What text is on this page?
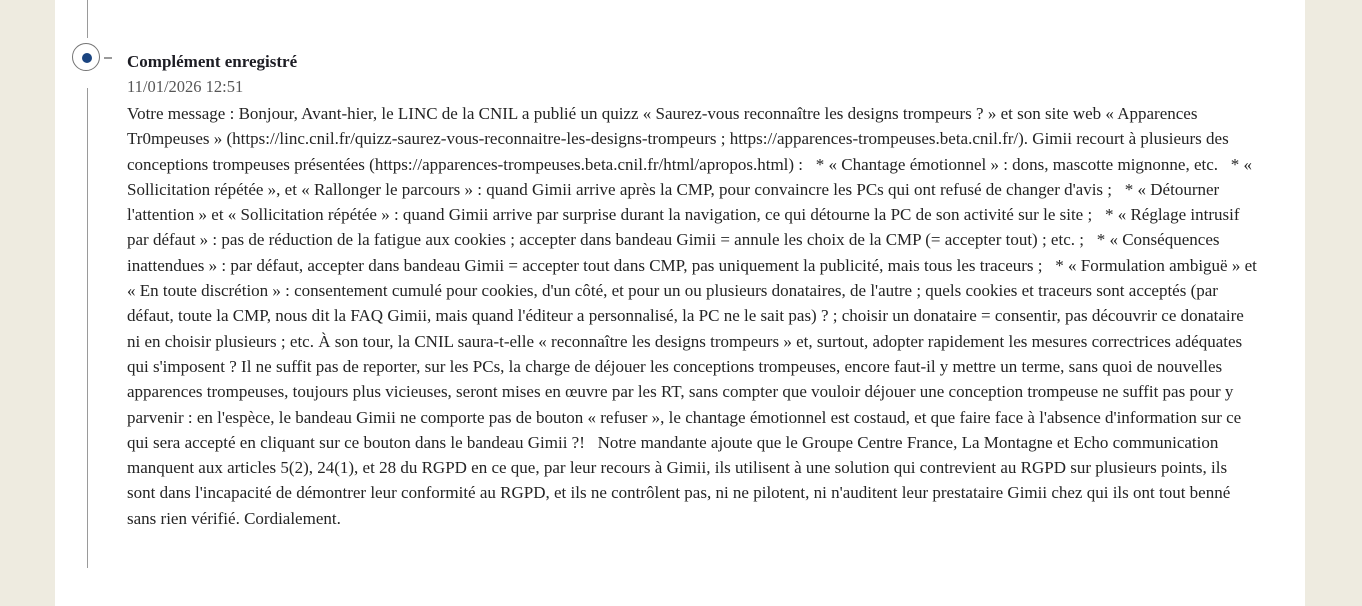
Complément enregistré
11/01/2026 12:51

Votre message : Bonjour, Avant-hier, le LINC de la CNIL a publié un quizz « Saurez-vous reconnaître les designs trompeurs ? » et son site web « Apparences Tr0mpeuses » (https://linc.cnil.fr/quizz-saurez-vous-reconnaitre-les-designs-trompeurs ; https://apparences-trompeuses.beta.cnil.fr/). Gimii recourt à plusieurs des conceptions trompeuses présentées (https://apparences-trompeuses.beta.cnil.fr/html/apropos.html) :   * « Chantage émotionnel » : dons, mascotte mignonne, etc.   * « Sollicitation répétée », et « Rallonger le parcours » : quand Gimii arrive après la CMP, pour convaincre les PCs qui ont refusé de changer d'avis ;   * « Détourner l'attention » et « Sollicitation répétée » : quand Gimii arrive par surprise durant la navigation, ce qui détourne la PC de son activité sur le site ;   * « Réglage intrusif par défaut » : pas de réduction de la fatigue aux cookies ; accepter dans bandeau Gimii = annule les choix de la CMP (= accepter tout) ; etc. ;   * « Conséquences inattendues » : par défaut, accepter dans bandeau Gimii = accepter tout dans CMP, pas uniquement la publicité, mais tous les traceurs ;   * « Formulation ambiguë » et « En toute discrétion » : consentement cumulé pour cookies, d'un côté, et pour un ou plusieurs donataires, de l'autre ; quels cookies et traceurs sont acceptés (par défaut, toute la CMP, nous dit la FAQ Gimii, mais quand l'éditeur a personnalisé, la PC ne le sait pas) ? ; choisir un donataire = consentir, pas découvrir ce donataire ni en choisir plusieurs ; etc. À son tour, la CNIL saura-t-elle « reconnaître les designs trompeurs » et, surtout, adopter rapidement les mesures correctrices adéquates qui s'imposent ? Il ne suffit pas de reporter, sur les PCs, la charge de déjouer les conceptions trompeuses, encore faut-il y mettre un terme, sans quoi de nouvelles apparences trompeuses, toujours plus vicieuses, seront mises en œuvre par les RT, sans compter que vouloir déjouer une conception trompeuse ne suffit pas pour y parvenir : en l'espèce, le bandeau Gimii ne comporte pas de bouton « refuser », le chantage émotionnel est costaud, et que faire face à l'absence d'information sur ce qui sera accepté en cliquant sur ce bouton dans le bandeau Gimii ?!   Notre mandante ajoute que le Groupe Centre France, La Montagne et Echo communication manquent aux articles 5(2), 24(1), et 28 du RGPD en ce que, par leur recours à Gimii, ils utilisent à une solution qui contrevient au RGPD sur plusieurs points, ils sont dans l'incapacité de démontrer leur conformité au RGPD, et ils ne contrôlent pas, ni ne pilotent, ni n'auditent leur prestataire Gimii chez qui ils ont tout benné sans rien vérifié. Cordialement.
